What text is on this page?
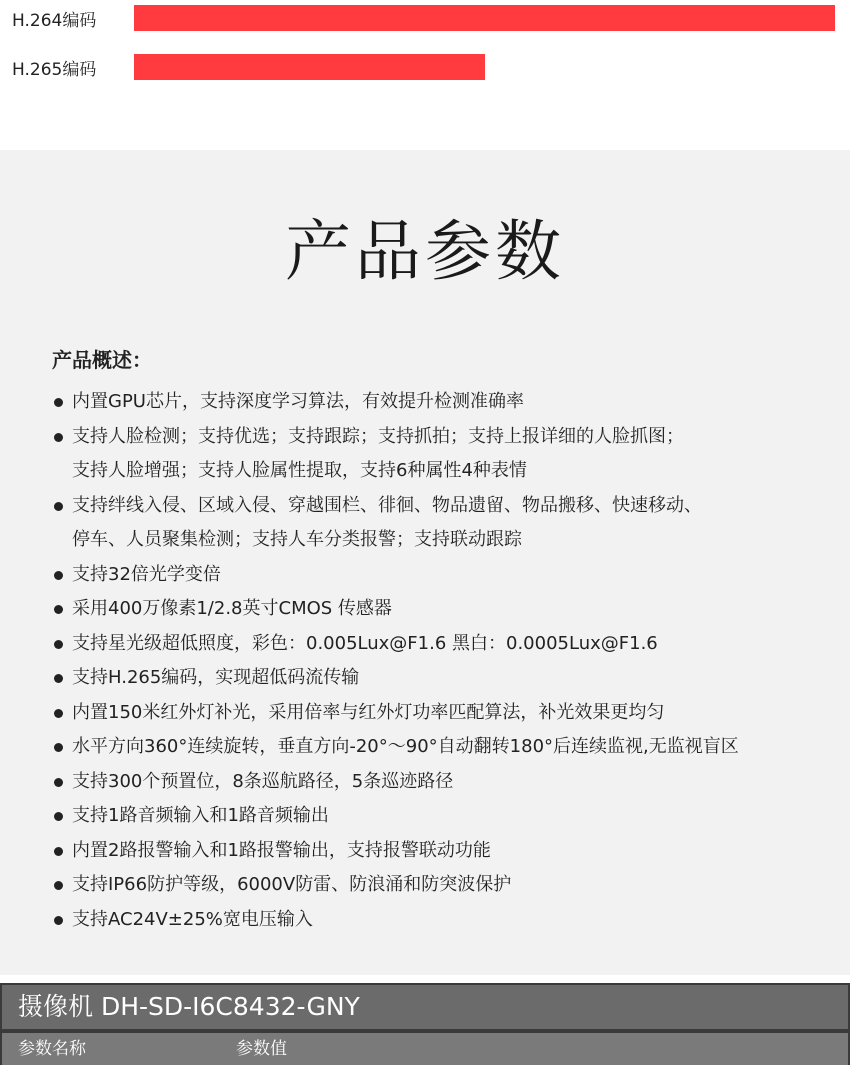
H.264编码
H.265编码
产品参数
产品概述：
内置GPU芯片，支持深度学习算法，有效提升检测准确率
支持人脸检测；支持优选；支持跟踪；支持抓拍；支持上报详细的人脸抓图；
支持人脸增强；支持人脸属性提取，支持6种属性4种表情
支持绊线入侵、区域入侵、穿越围栏、徘徊、物品遗留、物品搬移、快速移动、
停车、人员聚集检测；支持人车分类报警；支持联动跟踪
支持32倍光学变倍
采用400万像素1/2.8英寸CMOS 传感器
支持星光级超低照度，彩色：0.005Lux@F1.6 黑白：0.0005Lux@F1.6
支持H.265编码，实现超低码流传输
内置150米红外灯补光，采用倍率与红外灯功率匹配算法，补光效果更均匀
水平方向360°连续旋转，垂直方向-20°～90°自动翻转180°后连续监视,无监视盲区
支持300个预置位，8条巡航路径，5条巡迹路径
支持1路音频输入和1路音频输出
内置2路报警输入和1路报警输出，支持报警联动功能
支持IP66防护等级，6000V防雷、防浪涌和防突波保护
支持AC24V±25%宽电压输入
摄像机 DH-SD-I6C8432-GNY
参数名称	参数值
